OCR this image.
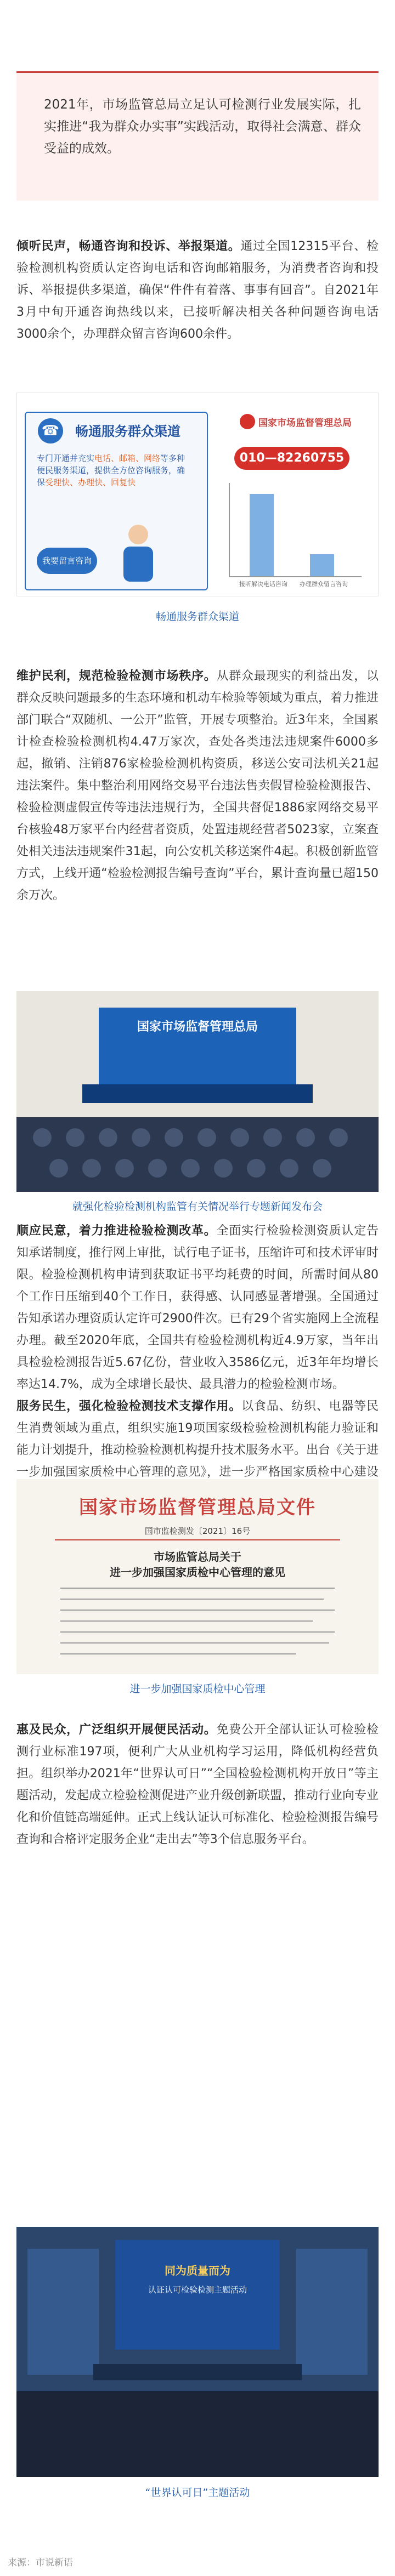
2021年，市场监管总局立足认可检测行业发展实际，扎实推进“我为群众办实事”实践活动，取得社会满意、群众受益的成效。

倾听民声，畅通咨询和投诉、举报渠道。通过全国12315平台、检验检测机构资质认定咨询电话和咨询邮箱服务，为消费者咨询和投诉、举报提供多渠道，确保“件件有着落、事事有回音”。自2021年3月中旬开通咨询热线以来，已接听解决相关各种问题咨询电话3000余个，办理群众留言咨询600余件。

☎ 畅通服务群众渠道
专门开通并充实电话、邮箱、网络等多种便民服务渠道，提供全方位咨询服务，确保受理快、办理快、回复快
我要留言咨询
国家市场监督管理总局
010—82260755
接听解决电话咨询 办理群众留言咨询
畅通服务群众渠道

维护民利，规范检验检测市场秩序。从群众最现实的利益出发，以群众反映问题最多的生态环境和机动车检验等领域为重点，着力推进部门联合“双随机、一公开”监管，开展专项整治。近3年来，全国累计检查检验检测机构4.47万家次，查处各类违法违规案件6000多起，撤销、注销876家检验检测机构资质，移送公安司法机关21起违法案件。集中整治利用网络交易平台违法售卖假冒检验检测报告、检验检测虚假宣传等违法违规行为，全国共督促1886家网络交易平台核验48万家平台内经营者资质，处置违规经营者5023家，立案查处相关违法违规案件31起，向公安机关移送案件4起。积极创新监管方式，上线开通“检验检测报告编号查询”平台，累计查询量已超150余万次。

国家市场监督管理总局
就强化检验检测机构监管有关情况举行专题新闻发布会

顺应民意，着力推进检验检测改革。全面实行检验检测资质认定告知承诺制度，推行网上审批，试行电子证书，压缩许可和技术评审时限。检验检测机构申请到获取证书平均耗费的时间，所需时间从80个工作日压缩到40个工作日，获得感、认同感显著增强。全国通过告知承诺办理资质认定许可2900件次。已有29个省实施网上全流程办理。截至2020年底，全国共有检验检测机构近4.9万家，当年出具检验检测报告近5.67亿份，营业收入3586亿元，近3年年均增长率达14.7%，成为全球增长最快、最具潜力的检验检测市场。

服务民生，强化检验检测技术支撑作用。以食品、纺织、电器等民生消费领域为重点，组织实施19项国家级检验检测机构能力验证和能力计划提升，推动检验检测机构提升技术服务水平。出台《关于进一步加强国家质检中心管理的意见》，进一步严格国家质检中心建设

国家市场监督管理总局文件
国市监检测发〔2021〕16号
市场监管总局关于
进一步加强国家质检中心管理的意见
进一步加强国家质检中心管理

惠及民众，广泛组织开展便民活动。免费公开全部认证认可检验检测行业标准197项，便利广大从业机构学习运用，降低机构经营负担。组织举办2021年“世界认可日”“全国检验检测机构开放日”等主题活动，发起成立检验检测促进产业升级创新联盟，推动行业向专业化和价值链高端延伸。正式上线认证认可标准化、检验检测报告编号查询和合格评定服务企业“走出去”等3个信息服务平台。

同为质量而为
认证认可检验检测主题活动
“世界认可日”主题活动
来源：市说新语
